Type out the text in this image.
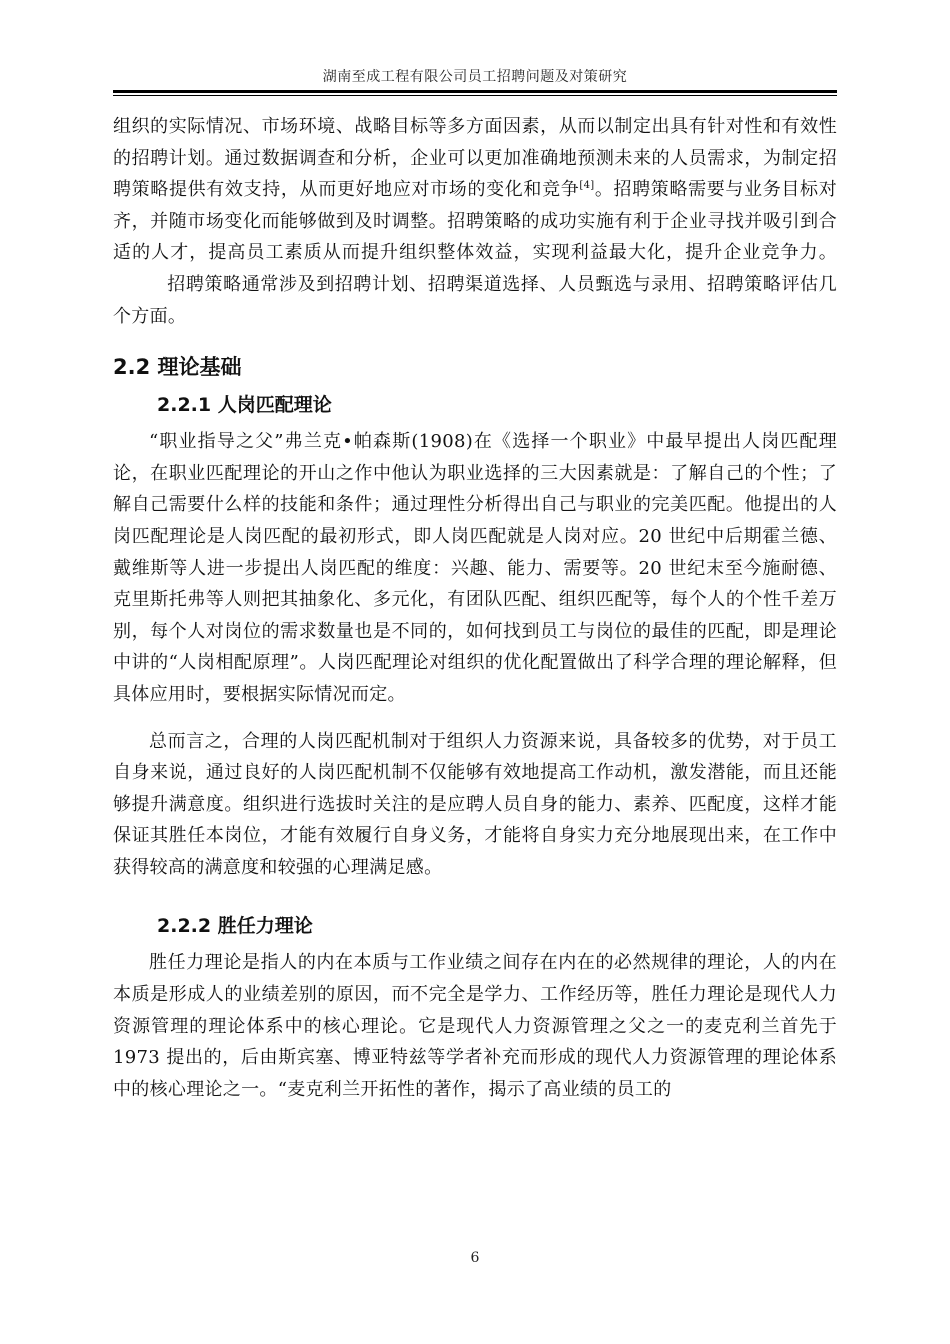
湖南至成工程有限公司员工招聘问题及对策研究

组织的实际情况、市场环境、战略目标等多方面因素，从而以制定出具有针对性和有效性的招聘计划。通过数据调查和分析，企业可以更加准确地预测未来的人员需求，为制定招聘策略提供有效支持，从而更好地应对市场的变化和竞争[4]。招聘策略需要与业务目标对齐，并随市场变化而能够做到及时调整。招聘策略的成功实施有利于企业寻找并吸引到合适的人才，提高员工素质从而提升组织整体效益，实现利益最大化，提升企业竞争力。招聘策略通常涉及到招聘计划、招聘渠道选择、人员甄选与录用、招聘策略评估几个方面。

2.2 理论基础
2.2.1 人岗匹配理论

“职业指导之父”弗兰克•帕森斯(1908)在《选择一个职业》中最早提出人岗匹配理论，在职业匹配理论的开山之作中他认为职业选择的三大因素就是：了解自己的个性；了解自己需要什么样的技能和条件；通过理性分析得出自己与职业的完美匹配。他提出的人岗匹配理论是人岗匹配的最初形式，即人岗匹配就是人岗对应。20 世纪中后期霍兰德、戴维斯等人进一步提出人岗匹配的维度：兴趣、能力、需要等。20 世纪末至今施耐德、克里斯托弗等人则把其抽象化、多元化，有团队匹配、组织匹配等，每个人的个性千差万别，每个人对岗位的需求数量也是不同的，如何找到员工与岗位的最佳的匹配，即是理论中讲的“人岗相配原理”。人岗匹配理论对组织的优化配置做出了科学合理的理论解释，但具体应用时，要根据实际情况而定。

总而言之，合理的人岗匹配机制对于组织人力资源来说，具备较多的优势，对于员工自身来说，通过良好的人岗匹配机制不仅能够有效地提高工作动机，激发潜能，而且还能够提升满意度。组织进行选拔时关注的是应聘人员自身的能力、素养、匹配度，这样才能保证其胜任本岗位，才能有效履行自身义务，才能将自身实力充分地展现出来，在工作中获得较高的满意度和较强的心理满足感。

2.2.2 胜任力理论

胜任力理论是指人的内在本质与工作业绩之间存在内在的必然规律的理论，人的内在本质是形成人的业绩差别的原因，而不完全是学力、工作经历等，胜任力理论是现代人力资源管理的理论体系中的核心理论。它是现代人力资源管理之父之一的麦克利兰首先于 1973 提出的，后由斯宾塞、博亚特兹等学者补充而形成的现代人力资源管理的理论体系中的核心理论之一。“麦克利兰开拓性的著作，揭示了高业绩的员工的

6
